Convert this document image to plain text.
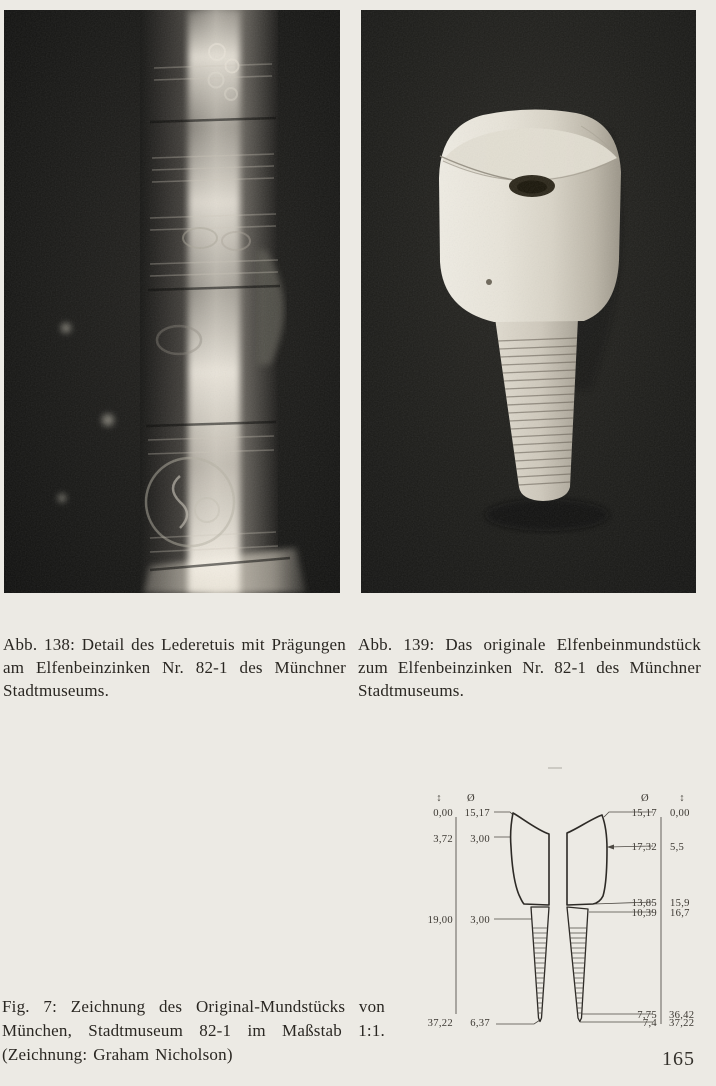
Abb. 138: Detail des Lederetuis mit Prägungen am Elfenbeinzinken Nr. 82-1 des Münchner Stadtmuseums.

Abb. 139: Das originale Elfenbeinmundstück zum Elfenbeinzinken Nr. 82-1 des Münchner Stadtmuseums.

Fig. 7: Zeichnung des Original-Mundstücks von München, Stadtmuseum 82-1 im Maßstab 1:1. (Zeichnung: Graham Nicholson)

↕ Ø	Ø	↕
0,00 15,17
3,72 3,00
19,00 3,00
37,22 6,37
15,17 0,00
17,32 5,5
13,85 15,9
10,39 16,7
7,75 36,42
7,4 37,22
165
